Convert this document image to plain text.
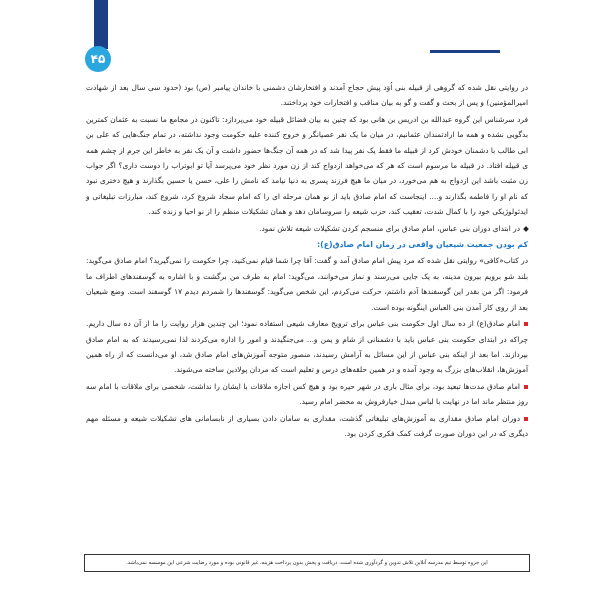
۴۵

در روایتی نقل شده که گروهی از قبیله بنی اُوَد پیش حجاج آمدند و افتخارشان دشمنی با خاندان پیامبر (ص) بود (حدود سی سال بعد از شهادت امیرالمؤمنین) و پس از بحث و گفت و گو به بیان مناقب و افتخارات خود پرداختند.

فرد سرشناس این گروه عبدالله بن ادریس بن هانی بود که چنین به بیان فضائل قبیله خود می‌پردازد: تاکنون در مجامع ما نسبت به عثمان کمترین بدگویی نشده و همه ما ارادتمندان عثمانیم، در میان ما یک نفر عصیانگر و خروج کننده علیه حکومت وجود نداشته، در تمام جنگ‌هایی که علی بن ابی طالب با دشمنان خودش کرد از قبیله ما فقط یک نفر پیدا شد که در همه آن جنگ‌ها حضور داشت و آن یک نفر به خاطر این جرم از چشم همه ی قبیله افتاد. در قبیله ما مرسوم است که هر که می‌خواهد ازدواج کند از زن مورد نظر خود می‌پرسد آیا تو ابوتراب را دوست داری؟ اگر جواب زن مثبت باشد این ازدواج به هم می‌خورد، در میان ما هیچ فرزند پسری به دنیا نیامد که نامش را علی، حسن یا حسین بگذارند و هیچ دختری نبود که نام او را فاطمه بگذارند و.... اینجاست که امام صادق باید از نو همان مرحله ای را که امام سجاد شروع کرد، شروع کند، مبارزات تبلیغاتی و ایدئولوژیکی خود را با کمال شدت، تعقیب کند، حزب شیعه را سروسامان دهد و همان تشکیلات منظم را از نو احیا و زنده کند.

در ابتدای دوران بنی عباس، امام صادق برای منسجم کردن تشکیلات شیعه تلاش نمود.

کم بودن جمعیت شیعیان واقعی در زمان امام صادق(ع):

در کتاب«کافی» روایتی نقل شده که مرد پیش امام صادق آمد و گفت: آقا چرا شما قیام نمی‌کنید، چرا حکومت را نمی‌گیرید؟ امام صادق می‌گوید: بلند شو برویم بیرون مدینه، به یک جایی می‌رسند و نماز می‌خوانند، می‌گوید: امام به طرف من برگشت و با اشاره به گوسفندهای اطراف ما فرمود: اگر من بقدر این گوسفندها آدم داشتم، حرکت می‌کردم، این شخص می‌گوید: گوسفندها را شمردم دیدم ۱۷ گوسفند است. وضع شیعیان بعد از روی کار آمدن بنی العباس اینگونه بوده است.

امام صادق(ع) از ده سال اول حکومت بنی عباس برای ترویج معارف شیعی استفاده نمود؛ این چندین هزار روایت را ما از آن ده سال داریم. چراکه در ابتدای حکومت بنی عباس باید با دشمنانی از شام و یمن و... می‌جنگیدند و امور را اداره می‌کردند لذا نمی‌رسیدند که به امام صادق بپردازند. اما بعد از اینکه بنی عباس از این مسائل به آرامش رسیدند، منصور متوجه آموزش‌های امام صادق شد، او می‌دانست که از راه همین آموزش‌ها، انقلاب‌های بزرگ به وجود آمده و در همین حلقه‌های درس و تعلیم است که مردان پولادین ساخته می‌شوند.

امام صادق مدت‌ها تبعید بود، برای مثال باری در شهر حیره بود و هیچ کس اجازه ملاقات با ایشان را نداشت، شخصی برای ملاقات با امام سه روز منتظر ماند اما در نهایت با لباس مبدل خیارفروش به محضر امام رسید.

دوران امام صادق مقداری به آموزش‌های تبلیغاتی گذشت، مقداری به سامان دادن بسیاری از نابسامانی های تشکیلات شیعه و مسئله مهم دیگری که در این دوران صورت گرفت کمک فکری کردن بود.

این جزوه توسط تیم مدرسه آنلاین تلاش تدوین و گردآوری شده است، دریافت و پخش بدون پرداخت هزینه، غیر قانونی بوده و مورد رضایت شرعی این موسسه نمی‌باشد.
